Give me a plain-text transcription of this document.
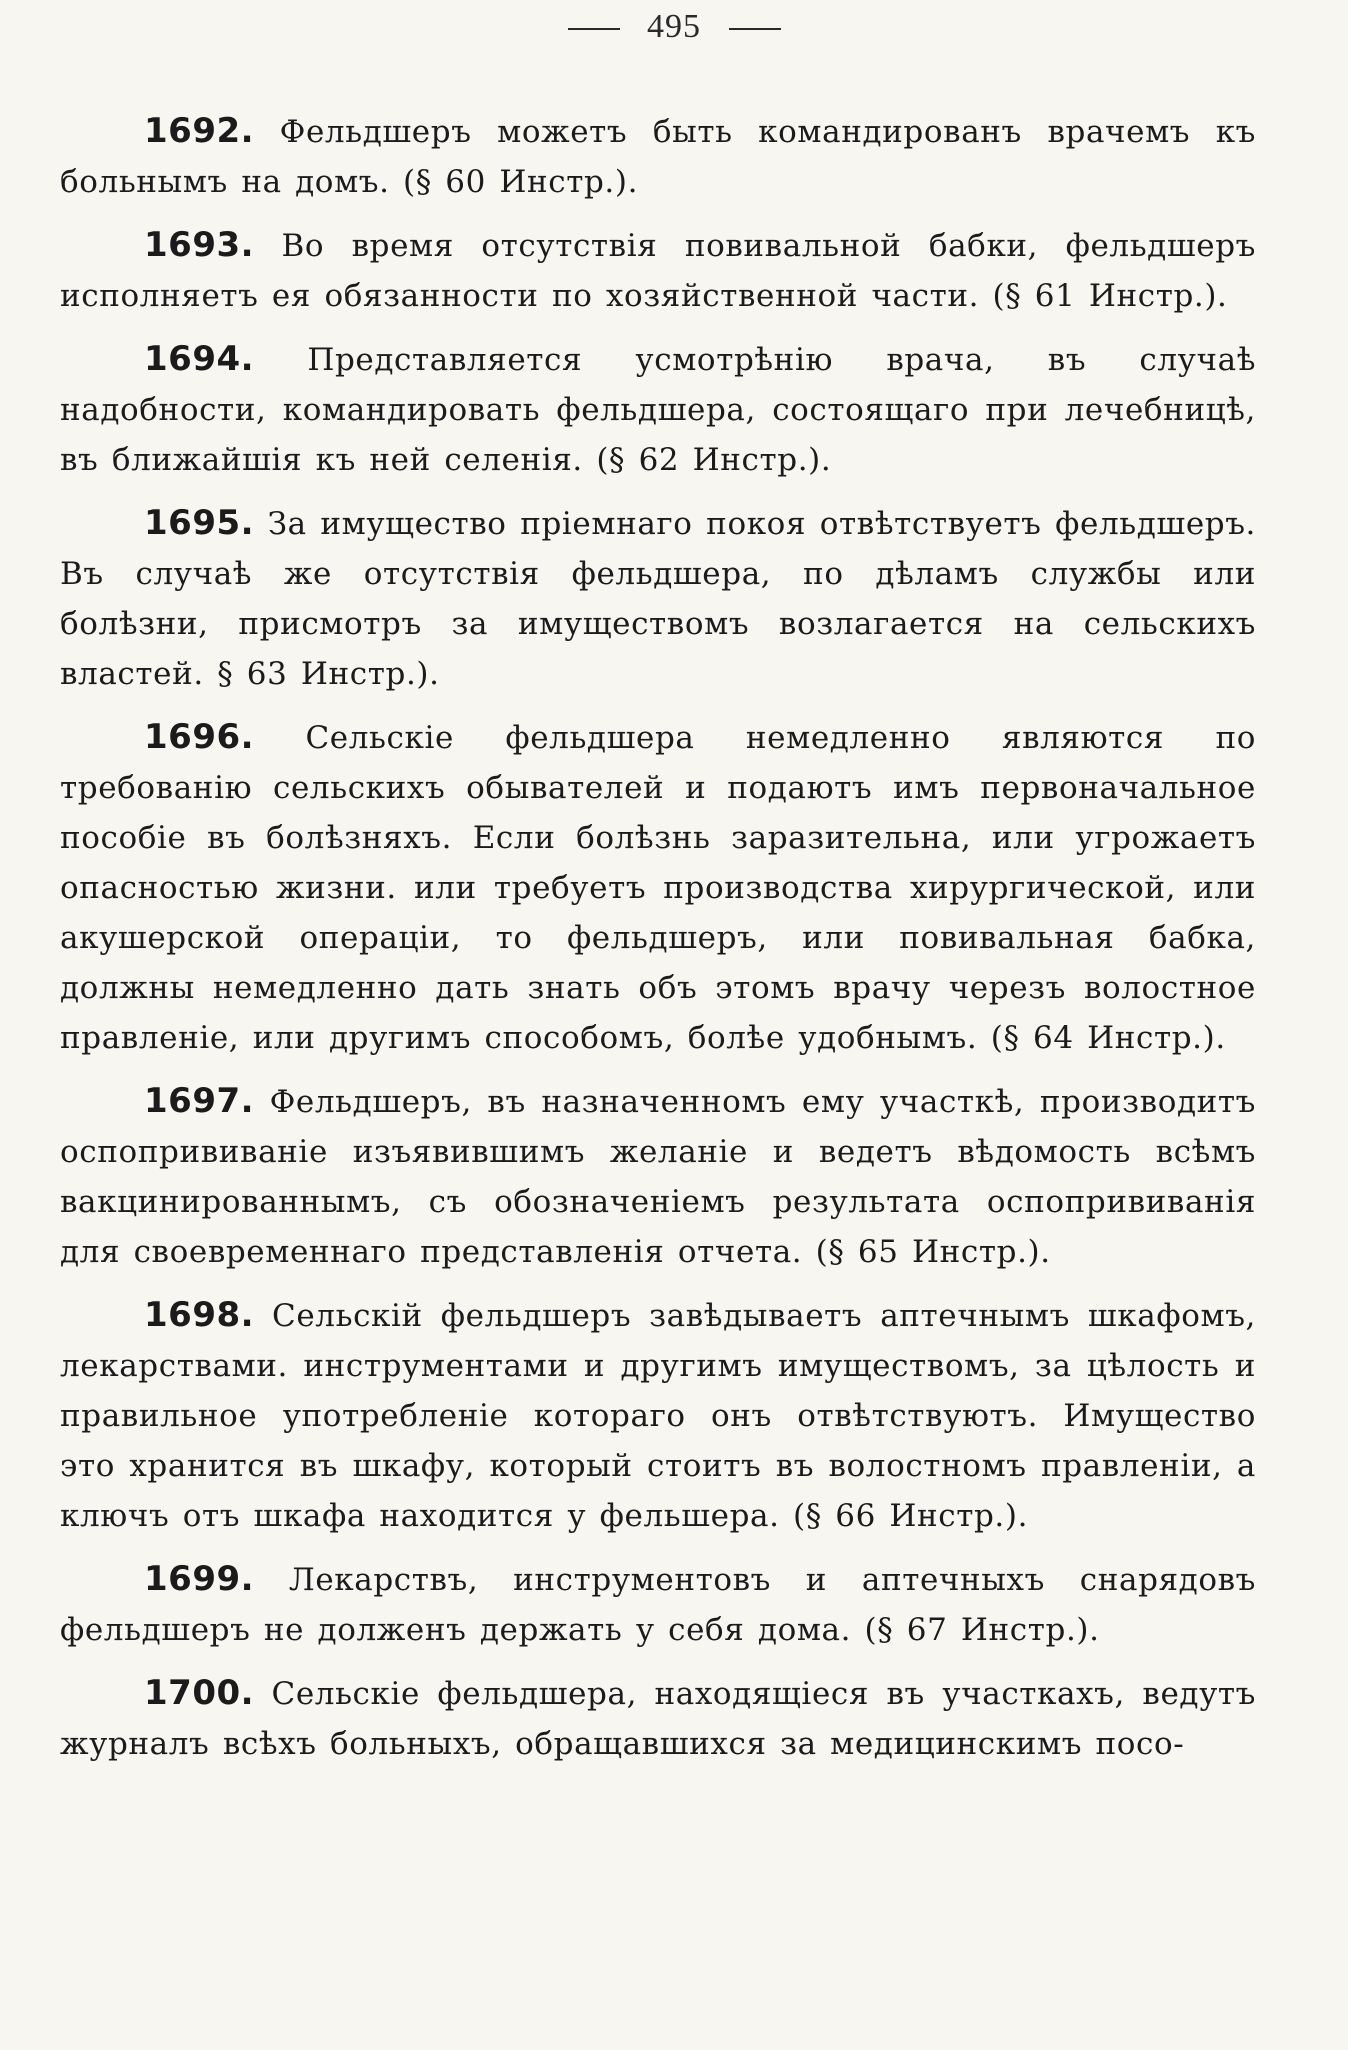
495

1692. Фельдшеръ можетъ быть командированъ врачемъ къ больнымъ на домъ. (§ 60 Инстр.).

1693. Во время отсутствія повивальной бабки, фельдшеръ исполняетъ ея обязанности по хозяйственной части. (§ 61 Инстр.).

1694. Представляется усмотрѣнію врача, въ случаѣ надобности, командировать фельдшера, состоящаго при лечебницѣ, въ ближайшія къ ней селенія. (§ 62 Инстр.).

1695. За имущество пріемнаго покоя отвѣтствуетъ фельдшеръ. Въ случаѣ же отсутствія фельдшера, по дѣламъ службы или болѣзни, присмотръ за имуществомъ возлагается на сельскихъ властей. § 63 Инстр.).

1696. Сельскіе фельдшера немедленно являются по требованію сельскихъ обывателей и подаютъ имъ первоначальное пособіе въ болѣзняхъ. Если болѣзнь заразительна, или угрожаетъ опасностью жизни. или требуетъ производства хирургической, или акушерской операціи, то фельдшеръ, или повивальная бабка, должны немедленно дать знать объ этомъ врачу черезъ волостное правленіе, или другимъ способомъ, болѣе удобнымъ. (§ 64 Инстр.).

1697. Фельдшеръ, въ назначенномъ ему участкѣ, производитъ оспопрививаніе изъявившимъ желаніе и ведетъ вѣдомость всѣмъ вакцинированнымъ, съ обозначеніемъ результата оспопрививанія для своевременнаго представленія отчета. (§ 65 Инстр.).

1698. Сельскій фельдшеръ завѣдываетъ аптечнымъ шкафомъ, лекарствами. инструментами и другимъ имуществомъ, за цѣлость и правильное употребленіе котораго онъ отвѣтствуютъ. Имущество это хранится въ шкафу, который стоитъ въ волостномъ правленіи, а ключъ отъ шкафа находится у фельшера. (§ 66 Инстр.).

1699. Лекарствъ, инструментовъ и аптечныхъ снарядовъ фельдшеръ не долженъ держать у себя дома. (§ 67 Инстр.).

1700. Сельскіе фельдшера, находящіеся въ участкахъ, ведутъ журналъ всѣхъ больныхъ, обращавшихся за медицинскимъ посо-
